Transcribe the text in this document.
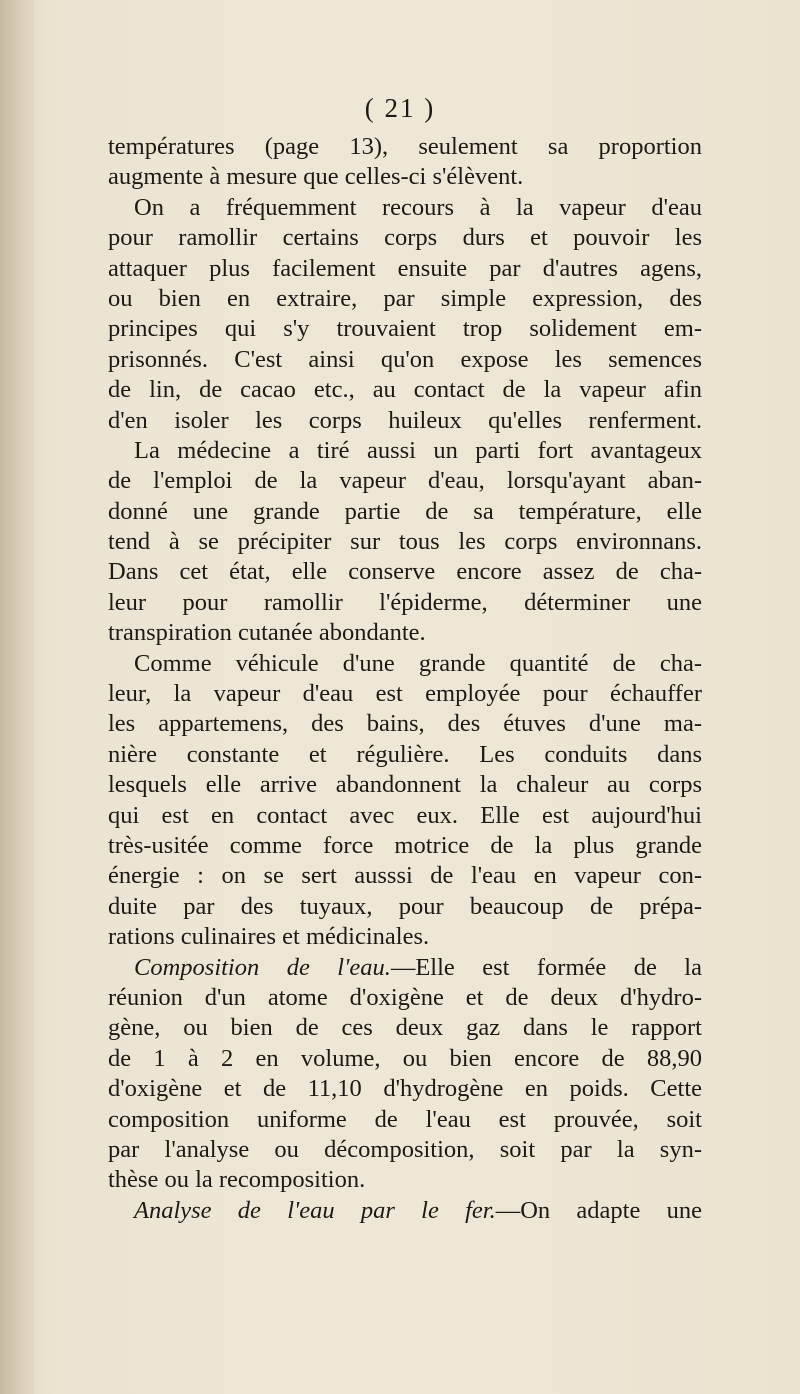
( 21 )
températures (page 13), seulement sa proportion
augmente à mesure que celles-ci s'élèvent.
On a fréquemment recours à la vapeur d'eau
pour ramollir certains corps durs et pouvoir les
attaquer plus facilement ensuite par d'autres agens,
ou bien en extraire, par simple expression, des
principes qui s'y trouvaient trop solidement em-
prisonnés. C'est ainsi qu'on expose les semences
de lin, de cacao etc., au contact de la vapeur afin
d'en isoler les corps huileux qu'elles renferment.
La médecine a tiré aussi un parti fort avantageux
de l'emploi de la vapeur d'eau, lorsqu'ayant aban-
donné une grande partie de sa température, elle
tend à se précipiter sur tous les corps environnans.
Dans cet état, elle conserve encore assez de cha-
leur pour ramollir l'épiderme, déterminer une
transpiration cutanée abondante.
Comme véhicule d'une grande quantité de cha-
leur, la vapeur d'eau est employée pour échauffer
les appartemens, des bains, des étuves d'une ma-
nière constante et régulière. Les conduits dans
lesquels elle arrive abandonnent la chaleur au corps
qui est en contact avec eux. Elle est aujourd'hui
très-usitée comme force motrice de la plus grande
énergie : on se sert ausssi de l'eau en vapeur con-
duite par des tuyaux, pour beaucoup de prépa-
rations culinaires et médicinales.
Composition de l'eau.—Elle est formée de la
réunion d'un atome d'oxigène et de deux d'hydro-
gène, ou bien de ces deux gaz dans le rapport
de 1 à 2 en volume, ou bien encore de 88,90
d'oxigène et de 11,10 d'hydrogène en poids. Cette
composition uniforme de l'eau est prouvée, soit
par l'analyse ou décomposition, soit par la syn-
thèse ou la recomposition.
Analyse de l'eau par le fer.—On adapte une
